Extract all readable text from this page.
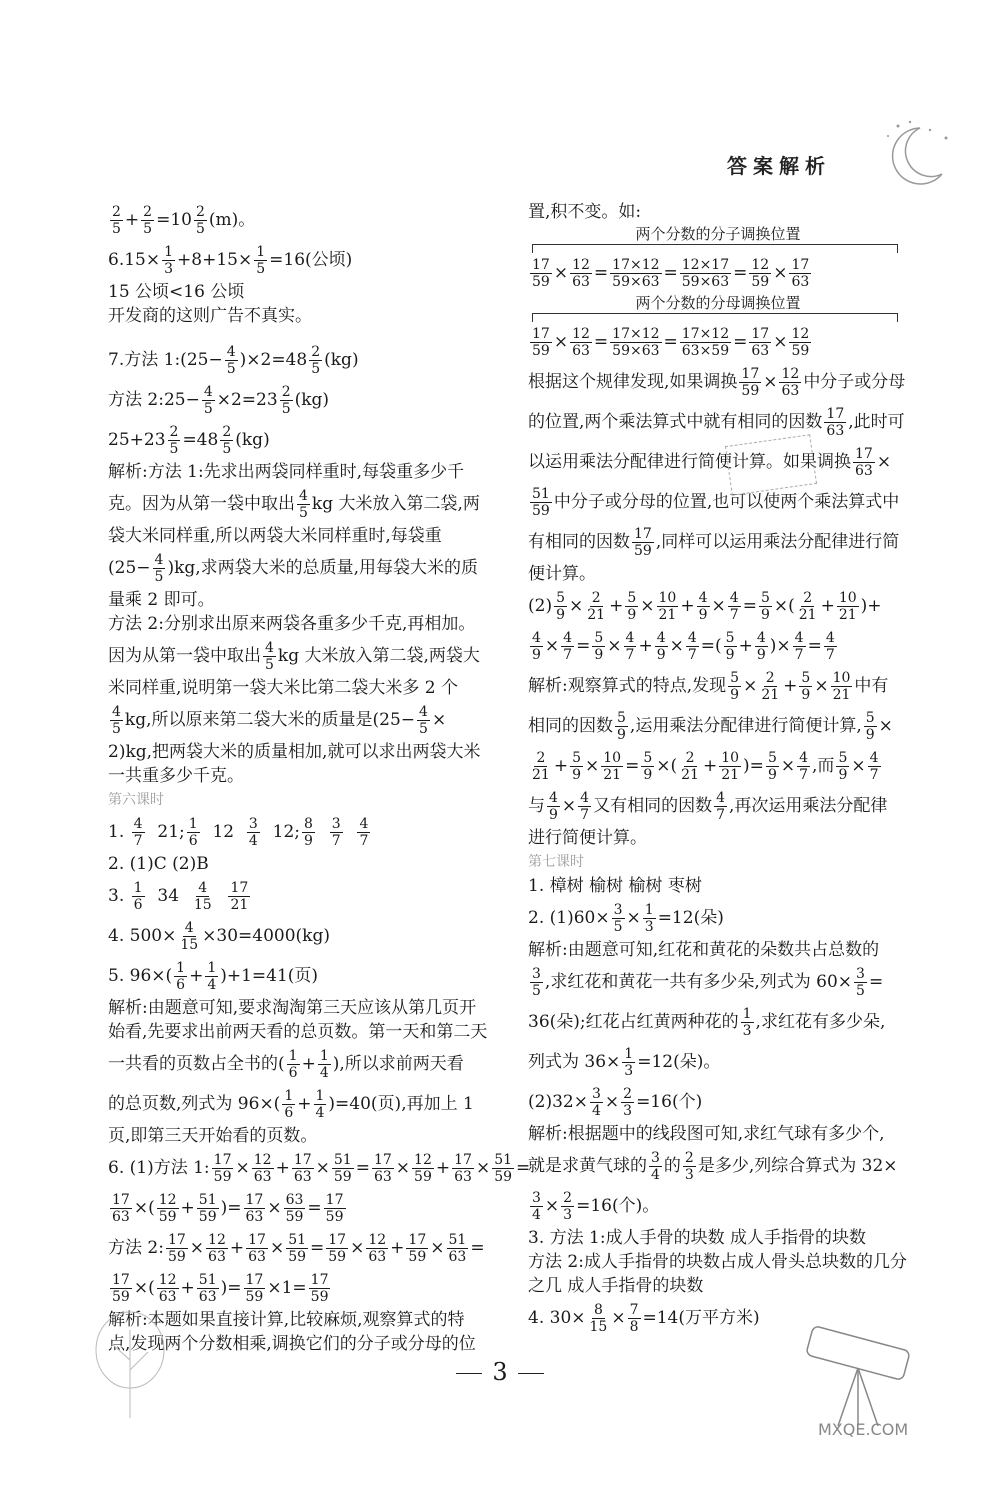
答案解析
$\frac{2}{5} + \frac{2}{5} =10 \frac{2}{5} (m)$。
$6.15\times \frac{1}{3} +8+15\times \frac{1}{5} =16$(公顷)
15 公顷<16 公顷
开发商的这则广告不真实。
7.方法 1:(25− $\frac{4}{5} )\times 2=48 \frac{2}{5} (kg)$
方法 2:25− $\frac{4}{5} \times 2=23 \frac{2}{5} (kg)$
$25+23 \frac{2}{5} =48 \frac{2}{5} (kg)$
解析:方法 1:先求出两袋同样重时,每袋重多少千
克。因为从第一袋中取出 $\frac{4}{5}$ kg 大米放入第二袋,两
袋大米同样重,所以两袋大米同样重时,每袋重
$(25- \frac{4}{5} )kg$,求两袋大米的总质量,用每袋大米的质
量乘 2 即可。
方法 2:分别求出原来两袋各重多少千克,再相加。
因为从第一袋中取出 $\frac{4}{5}$ kg 大米放入第二袋,两袋大
米同样重,说明第一袋大米比第二袋大米多 2 个
$\frac{4}{5}$ kg,所以原来第二袋大米的质量是($25- \frac{4}{5}$ ×
2)kg,把两袋大米的质量相加,就可以求出两袋大米
一共重多少千克。
第六课时
1. $\frac{4}{7} 21$; $\frac{1}{6} 12 \frac{3}{4} 12$; $\frac{8}{9}$
$\frac{3}{7}$
$\frac{4}{7}$
2. (1)C (2)B
3. $\frac{1}{6} 34 \frac{4}{15}$
$\frac{17}{21}$
4. $500\times \frac{4}{15} \times 30=4000(kg)$
5. $96\times( \frac{1}{6} + \frac{1}{4} )+1=41$(页)
解析:由题意可知,要求淘淘第三天应该从第几页开
始看,先要求出前两天看的总页数。第一天和第二天
一共看的页数占全书的( $\frac{1}{6} + \frac{1}{4}$ ),所以求前两天看
的总页数,列式为 $96\times( \frac{1}{6} + \frac{1}{4} )=40$(页),再加上 1
页,即第三天开始看的页数。
6. (1)方法 1: $\frac{17}{59} \times \frac{12}{63} + \frac{17}{63} \times \frac{51}{59} = \frac{17}{63} \times \frac{12}{59} + \frac{17}{63} \times \frac{51}{59}$ =
$\frac{17}{63}$ ×( $\frac{12}{59} + \frac{51}{59}$ )= $\frac{17}{63} \times \frac{63}{59} = \frac{17}{59}$
方法 2: $\frac{17}{59} \times \frac{12}{63} + \frac{17}{63} \times \frac{51}{59} = \frac{17}{59} \times \frac{12}{63} + \frac{17}{59} \times \frac{51}{63}$ =
$\frac{17}{59}$ ×( $\frac{12}{63} + \frac{51}{63}$ )= $\frac{17}{59} \times 1= \frac{17}{59}$
解析:本题如果直接计算,比较麻烦,观察算式的特
点,发现两个分数相乘,调换它们的分子或分母的位
置,积不变。如:
两个分数的分子调换位置
$\frac{17}{59} \times \frac{12}{63} = \frac{17\times 12}{59\times 63} = \frac{12\times 17}{59\times 63} = \frac{12}{59} \times \frac{17}{63}$
两个分数的分母调换位置
$\frac{17}{59} \times \frac{12}{63} = \frac{17\times 12}{59\times 63} = \frac{17\times 12}{63\times 59} = \frac{17}{63} \times \frac{12}{59}$
根据这个规律发现,如果调换 $\frac{17}{59} \times \frac{12}{63}$ 中分子或分母
的位置,两个乘法算式中就有相同的因数 $\frac{17}{63}$ ,此时可
以运用乘法分配律进行简便计算。如果调换 $\frac{17}{63}$ ×
$\frac{51}{59}$ 中分子或分母的位置,也可以使两个乘法算式中
有相同的因数 $\frac{17}{59}$ ,同样可以运用乘法分配律进行简
便计算。
$(2) \frac{5}{9} \times \frac{2}{21} + \frac{5}{9} \times \frac{10}{21} + \frac{4}{9} \times \frac{4}{7} = \frac{5}{9}$ ×( $\frac{2}{21} + \frac{10}{21}$ )+
$\frac{4}{9} \times \frac{4}{7} = \frac{5}{9} \times \frac{4}{7} + \frac{4}{9} \times \frac{4}{7}$ =( $\frac{5}{9} + \frac{4}{9}$ )× $\frac{4}{7} = \frac{4}{7}$
解析:观察算式的特点,发现 $\frac{5}{9} \times \frac{2}{21} + \frac{5}{9} \times \frac{10}{21}$ 中有
相同的因数 $\frac{5}{9}$ ,运用乘法分配律进行简便计算, $\frac{5}{9}$ ×
$\frac{2}{21} + \frac{5}{9} \times \frac{10}{21} = \frac{5}{9}$ ×( $\frac{2}{21} + \frac{10}{21}$ )= $\frac{5}{9} \times \frac{4}{7}$ ,而 $\frac{5}{9} \times \frac{4}{7}$
与 $\frac{4}{9} \times \frac{4}{7}$ 又有相同的因数 $\frac{4}{7}$ ,再次运用乘法分配律
进行简便计算。
第七课时
1. 樟树 榆树 榆树 枣树
2. $(1)60\times \frac{3}{5} \times \frac{1}{3} =12$(朵)
解析:由题意可知,红花和黄花的朵数共占总数的
$\frac{3}{5}$ ,求红花和黄花一共有多少朵,列式为 $60\times \frac{3}{5}$ =
36(朵);红花占红黄两种花的 $\frac{1}{3}$ ,求红花有多少朵,
列式为 $36\times \frac{1}{3} =12$(朵)。
$(2)32\times \frac{3}{4} \times \frac{2}{3} =16$(个)
解析:根据题中的线段图可知,求红气球有多少个,
就是求黄气球的 $\frac{3}{4}$ 的 $\frac{2}{3}$ 是多少,列综合算式为 32×
$\frac{3}{4} \times \frac{2}{3} =16$(个)。
3. 方法 1:成人手骨的块数 成人手指骨的块数
方法 2:成人手指骨的块数占成人骨头总块数的几分
之几 成人手指骨的块数
4. $30\times \frac{8}{15} \times \frac{7}{8} =14$(万平方米)
3
MXQE.COM
